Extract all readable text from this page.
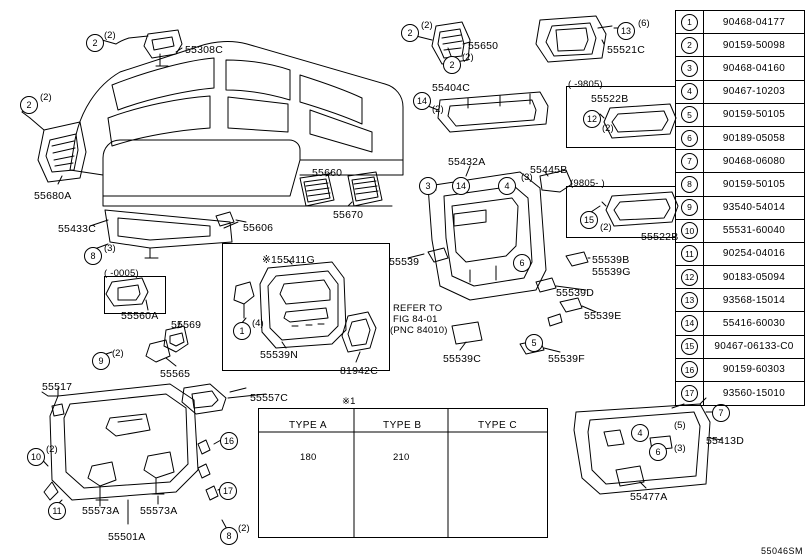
55308C	55650	55521C
55404C
55522B
55680A
55660
55670
55432A
55445B
55433C	55606
55522B
55539	55539B
55539G
55539D
55539E
55539F
55539C
※155411G
55560A
55569
55565
55539N
81942C
55517
55557C
55413D
55477A
55573A 55573A
55501A
REFER TO
FIG 84-01
(PNC 84010)
( -9805)
(9805- )
( -0005)
※1
TYPE A	TYPE B	TYPE C
180	210
(2)
(2)
(2)
(2)
(6)
(2)
(2)
(3)
(3)
(2)
(4)
(2)
(2)
(5)
(3)
(2)
2
2
2
2
13
14
12
8
3	14	4
15
6
5
1
9
10
16
11
17
8
7
4
6
1	90468-04177
2	90159-50098
3	90468-04160
4	90467-10203
5	90159-50105
6	90189-05058
7	90468-06080
8	90159-50105
9	93540-54014
10	55531-60040
11	90254-04016
12	90183-05094
13	93568-15014
14	55416-60030
15	90467-06133-C0
16	90159-60303
17	93560-15010
55046SM
